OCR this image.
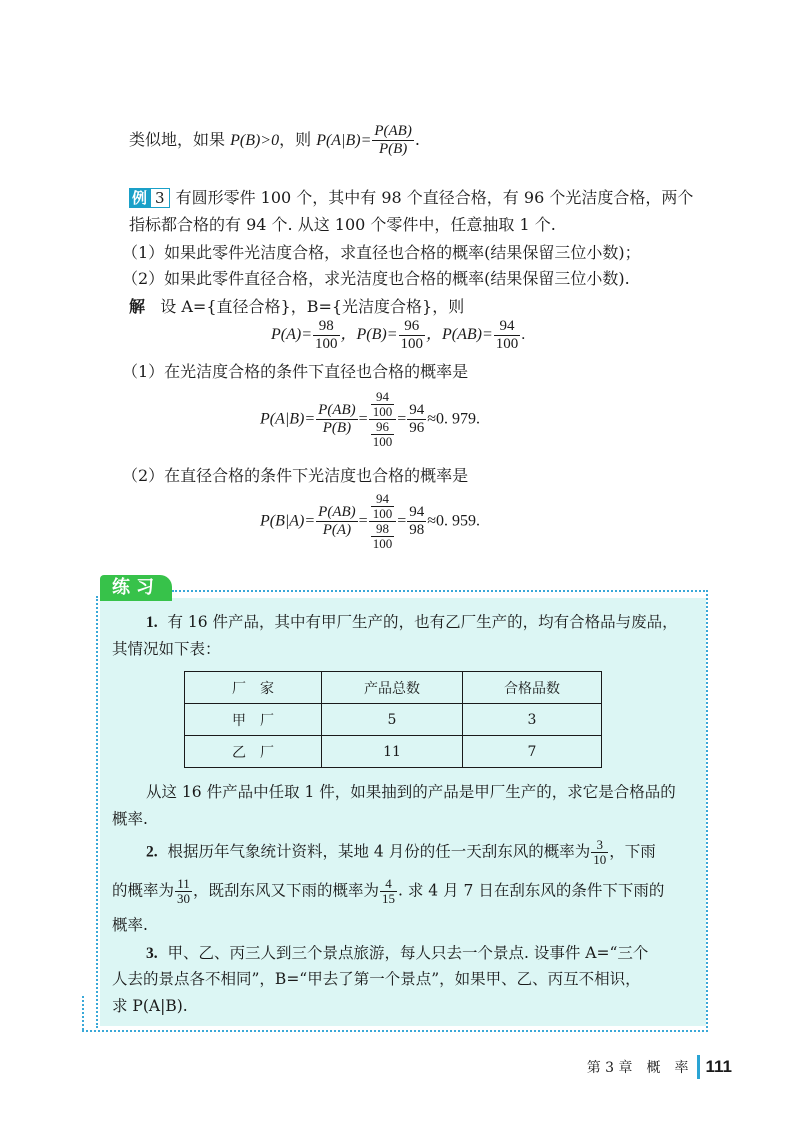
类似地，如果 P(B)>0，则 $P(A|B)= \frac{P(AB)}{P(B)}$ .
例 3 有圆形零件 100 个，其中有 98 个直径合格，有 96 个光洁度合格，两个
指标都合格的有 94 个. 从这 100 个零件中，任意抽取 1 个.
（1）如果此零件光洁度合格，求直径也合格的概率(结果保留三位小数)；
（2）如果此零件直径合格，求光洁度也合格的概率(结果保留三位小数).
解 设 A={直径合格}，B={光洁度合格}，则
$P(A)= \frac{98}{100}$ ，$P(B)= \frac{96}{100}$ ，$P(AB)= \frac{94}{100}$ .
（1）在光洁度合格的条件下直径也合格的概率是
$P(A|B)= \frac{P(AB)}{P(B)} = \frac{\frac{94}{100}}{\frac{96}{100}} = \frac{94}{96} \approx 0$. 979.
（2）在直径合格的条件下光洁度也合格的概率是
$P(B|A)= \frac{P(AB)}{P(A)} = \frac{\frac{94}{100}}{\frac{98}{100}} = \frac{94}{98} \approx 0$. 959.
练习
1. 有 16 件产品，其中有甲厂生产的，也有乙厂生产的，均有合格品与废品，
其情况如下表：
厂　家	产品总数	合格品数
甲　厂	5	3
乙　厂	11	7
从这 16 件产品中任取 1 件，如果抽到的产品是甲厂生产的，求它是合格品的
概率.
2. 根据历年气象统计资料，某地 4 月份的任一天刮东风的概率为 $\frac{3}{10}$ ，下雨
的概率为 $\frac{11}{30}$ ，既刮东风又下雨的概率为 $\frac{4}{15}$ . 求 4 月 7 日在刮东风的条件下下雨的
概率.
3. 甲、乙、丙三人到三个景点旅游，每人只去一个景点. 设事件 A=“三个
人去的景点各不相同”，B=“甲去了第一个景点”，如果甲、乙、丙互不相识，
求 P(A|B).
第 3 章　概　率 111
